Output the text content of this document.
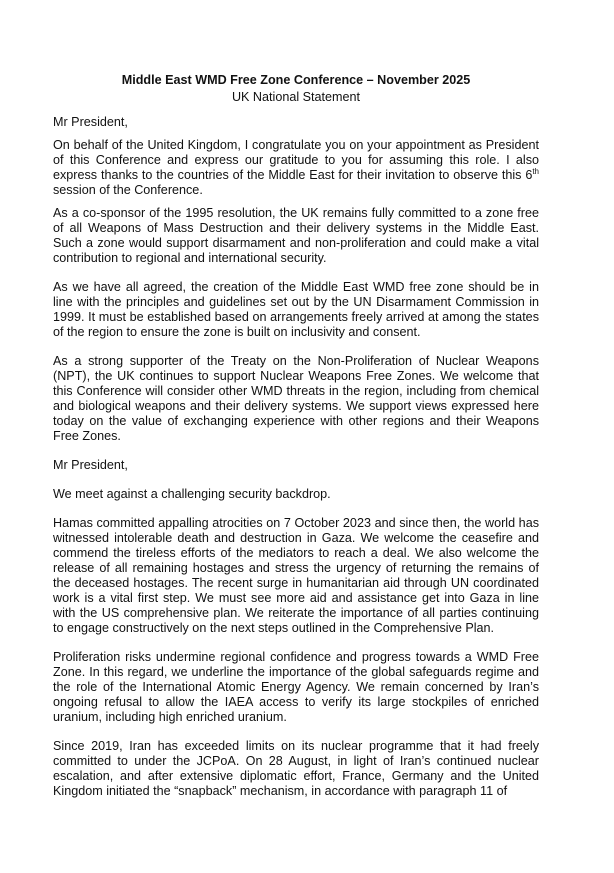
Middle East WMD Free Zone Conference – November 2025
UK National Statement

Mr President,

On behalf of the United Kingdom, I congratulate you on your appointment as President of this Conference and express our gratitude to you for assuming this role. I also express thanks to the countries of the Middle East for their invitation to observe this 6th session of the Conference.

As a co-sponsor of the 1995 resolution, the UK remains fully committed to a zone free of all Weapons of Mass Destruction and their delivery systems in the Middle East. Such a zone would support disarmament and non-proliferation and could make a vital contribution to regional and international security.

As we have all agreed, the creation of the Middle East WMD free zone should be in line with the principles and guidelines set out by the UN Disarmament Commission in 1999. It must be established based on arrangements freely arrived at among the states of the region to ensure the zone is built on inclusivity and consent.

As a strong supporter of the Treaty on the Non-Proliferation of Nuclear Weapons (NPT), the UK continues to support Nuclear Weapons Free Zones. We welcome that this Conference will consider other WMD threats in the region, including from chemical and biological weapons and their delivery systems. We support views expressed here today on the value of exchanging experience with other regions and their Weapons Free Zones.

Mr President,

We meet against a challenging security backdrop.

Hamas committed appalling atrocities on 7 October 2023 and since then, the world has witnessed intolerable death and destruction in Gaza. We welcome the ceasefire and commend the tireless efforts of the mediators to reach a deal. We also welcome the release of all remaining hostages and stress the urgency of returning the remains of the deceased hostages. The recent surge in humanitarian aid through UN coordinated work is a vital first step. We must see more aid and assistance get into Gaza in line with the US comprehensive plan. We reiterate the importance of all parties continuing to engage constructively on the next steps outlined in the Comprehensive Plan.

Proliferation risks undermine regional confidence and progress towards a WMD Free Zone. In this regard, we underline the importance of the global safeguards regime and the role of the International Atomic Energy Agency. We remain concerned by Iran’s ongoing refusal to allow the IAEA access to verify its large stockpiles of enriched uranium, including high enriched uranium.

Since 2019, Iran has exceeded limits on its nuclear programme that it had freely committed to under the JCPoA. On 28 August, in light of Iran’s continued nuclear escalation, and after extensive diplomatic effort, France, Germany and the United Kingdom initiated the “snapback” mechanism, in accordance with paragraph 11 of
